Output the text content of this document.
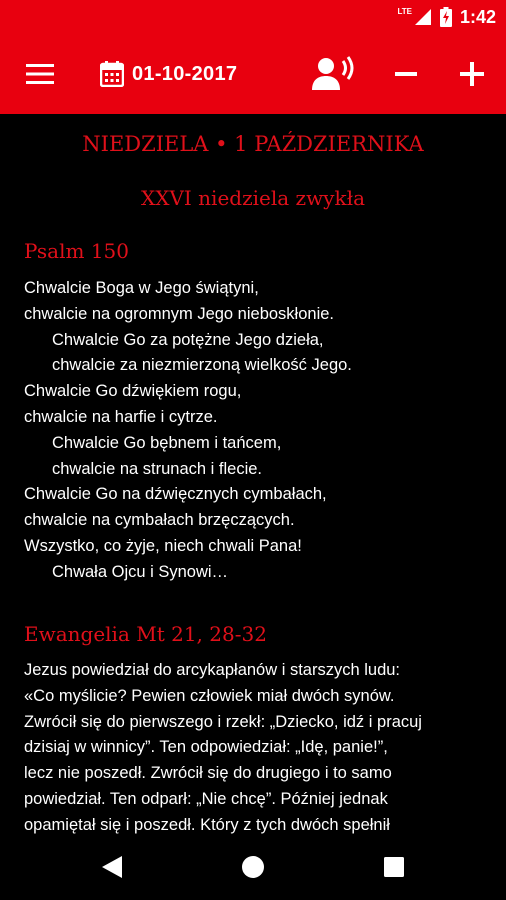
LTE	1:42
01-10-2017
NIEDZIELA • 1 PAŹDZIERNIKA
XXVI niedziela zwykła
Psalm 150
Chwalcie Boga w Jego świątyni,
chwalcie na ogromnym Jego nieboskłonie.
Chwalcie Go za potężne Jego dzieła,
chwalcie za niezmierzoną wielkość Jego.
Chwalcie Go dźwiękiem rogu,
chwalcie na harfie i cytrze.
Chwalcie Go bębnem i tańcem,
chwalcie na strunach i flecie.
Chwalcie Go na dźwięcznych cymbałach,
chwalcie na cymbałach brzęczących.
Wszystko, co żyje, niech chwali Pana!
Chwała Ojcu i Synowi…
Ewangelia Mt 21, 28-32
Jezus powiedział do arcykapłanów i starszych ludu:
«Co myślicie? Pewien człowiek miał dwóch synów.
Zwrócił się do pierwszego i rzekł: „Dziecko, idź i pracuj
dzisiaj w winnicy”. Ten odpowiedział: „Idę, panie!”,
lecz nie poszedł. Zwrócił się do drugiego i to samo
powiedział. Ten odparł: „Nie chcę”. Później jednak
opamiętał się i poszedł. Który z tych dwóch spełnił
